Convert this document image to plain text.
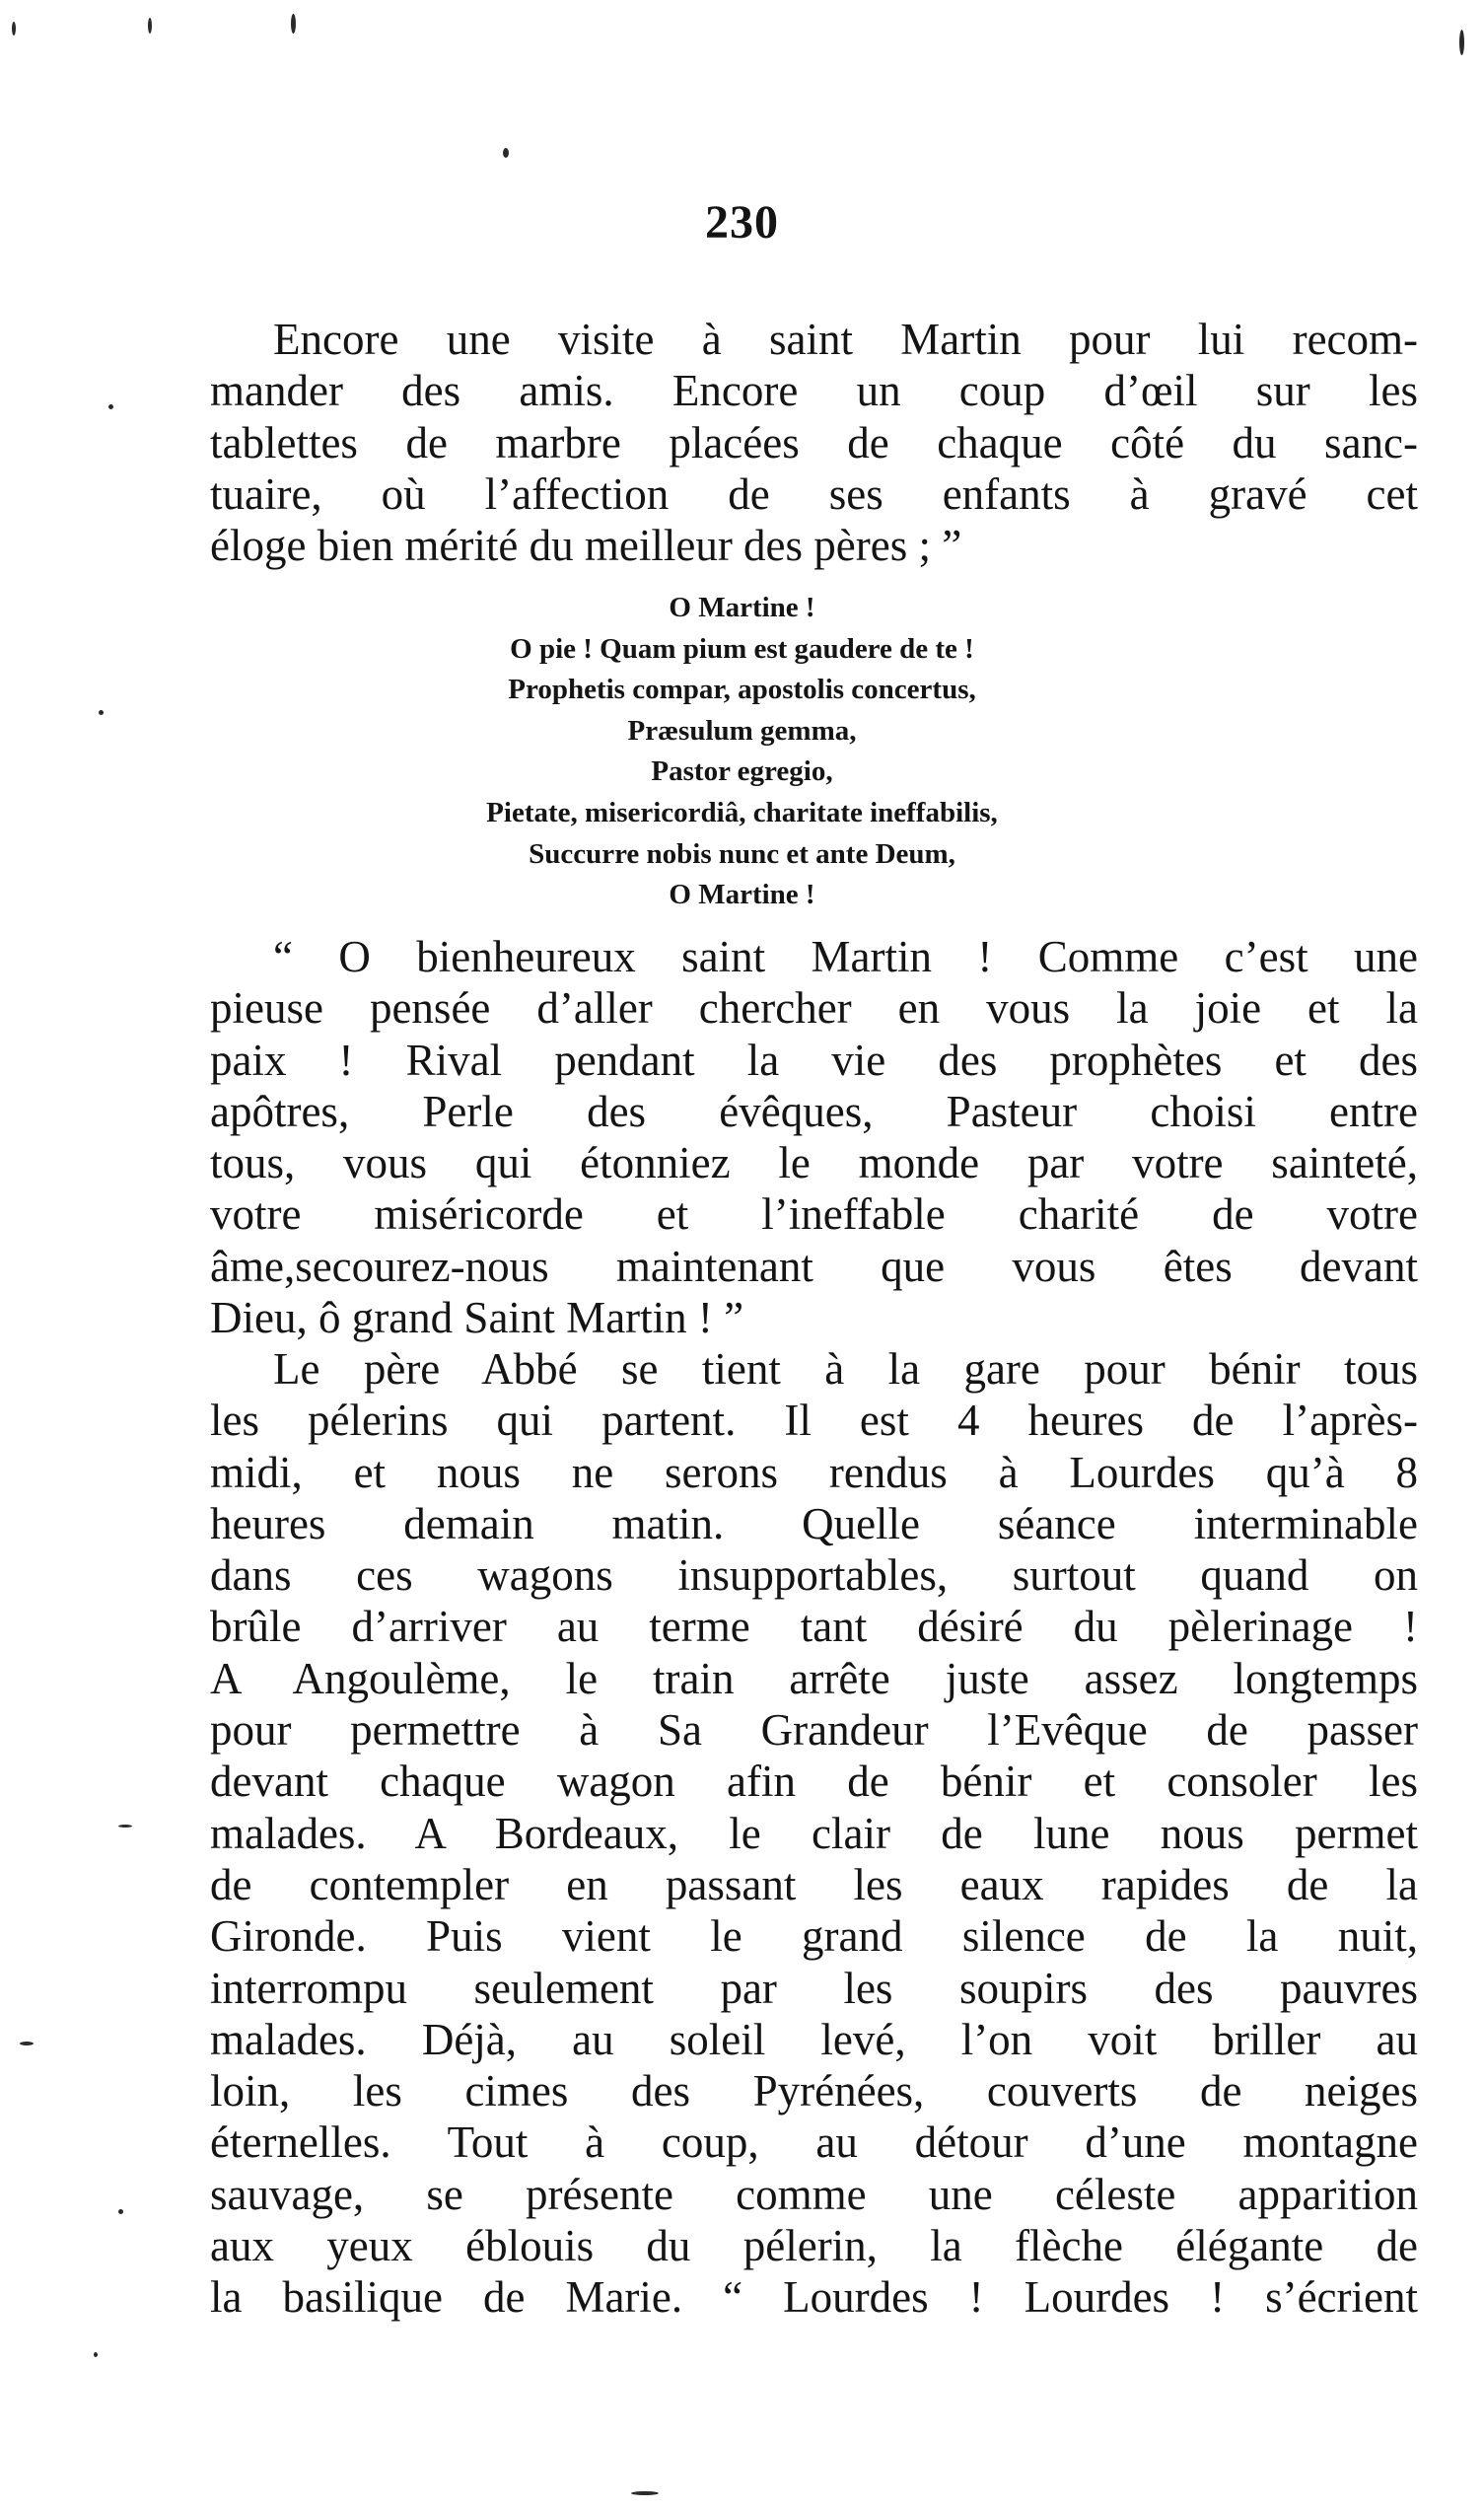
230
Encore une visite à saint Martin pour lui recom-
mander des amis. Encore un coup d’œil sur les
tablettes de marbre placées de chaque côté du sanc-
tuaire, où l’affection de ses enfants à gravé cet
éloge bien mérité du meilleur des pères ; ”
O Martine !
O pie ! Quam pium est gaudere de te !
Prophetis compar, apostolis concertus,
Præsulum gemma,
Pastor egregio,
Pietate, misericordiâ, charitate ineffabilis,
Succurre nobis nunc et ante Deum,
O Martine !
“ O bienheureux saint Martin ! Comme c’est une
pieuse pensée d’aller chercher en vous la joie et la
paix ! Rival pendant la vie des prophètes et des
apôtres, Perle des évêques, Pasteur choisi entre
tous, vous qui étonniez le monde par votre sainteté,
votre miséricorde et l’ineffable charité de votre
âme,secourez-nous maintenant que vous êtes devant
Dieu, ô grand Saint Martin ! ”
Le père Abbé se tient à la gare pour bénir tous
les pélerins qui partent. Il est 4 heures de l’après-
midi, et nous ne serons rendus à Lourdes qu’à 8
heures demain matin. Quelle séance interminable
dans ces wagons insupportables, surtout quand on
brûle d’arriver au terme tant désiré du pèlerinage !
A Angoulème, le train arrête juste assez longtemps
pour permettre à Sa Grandeur l’Evêque de passer
devant chaque wagon afin de bénir et consoler les
malades. A Bordeaux, le clair de lune nous permet
de contempler en passant les eaux rapides de la
Gironde. Puis vient le grand silence de la nuit,
interrompu seulement par les soupirs des pauvres
malades. Déjà, au soleil levé, l’on voit briller au
loin, les cimes des Pyrénées, couverts de neiges
éternelles. Tout à coup, au détour d’une montagne
sauvage, se présente comme une céleste apparition
aux yeux éblouis du pélerin, la flèche élégante de
la basilique de Marie. “ Lourdes ! Lourdes ! s’écrient
